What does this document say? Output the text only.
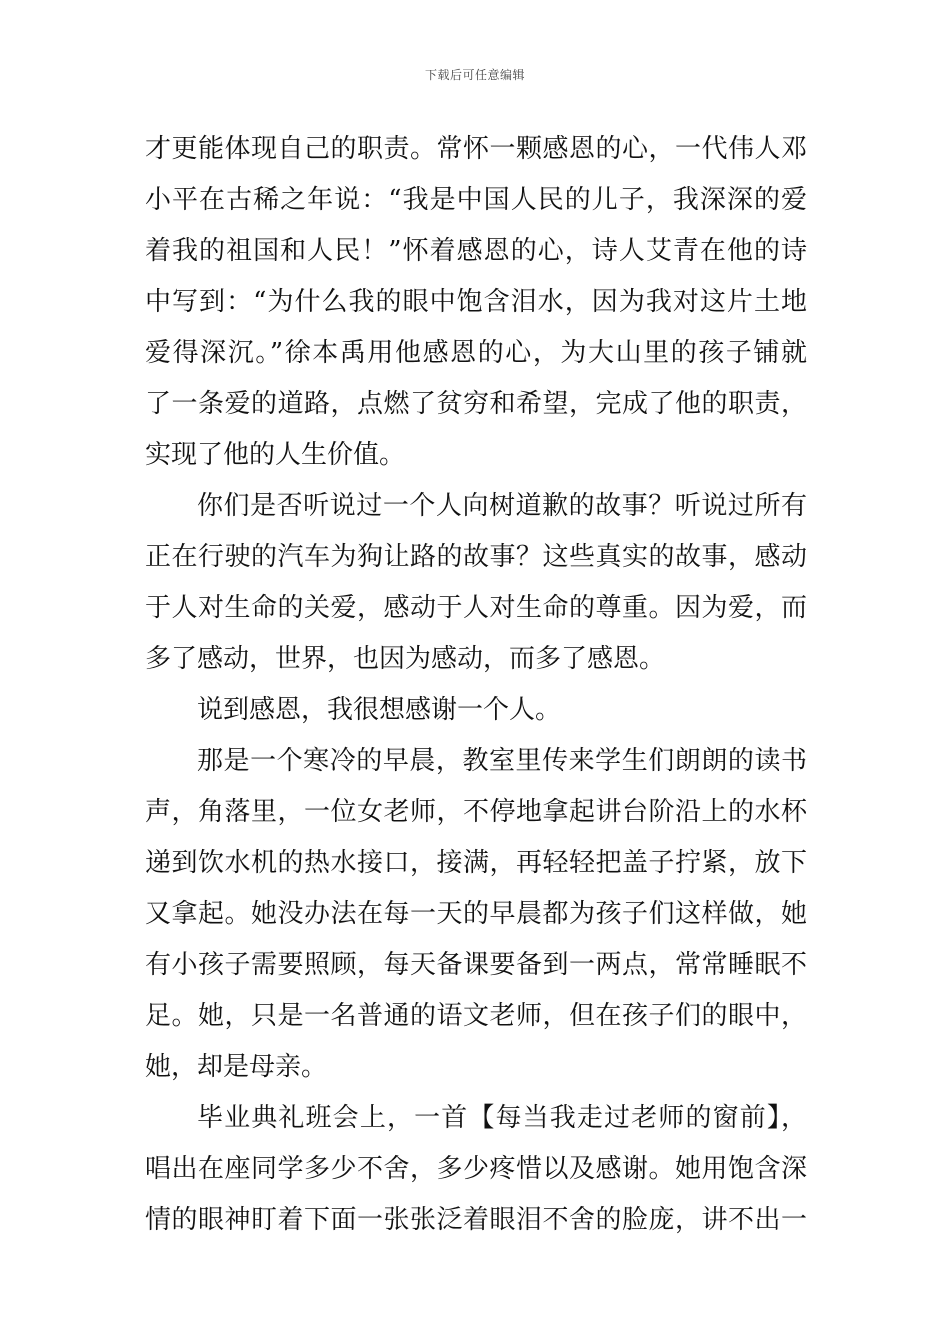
下载后可任意编辑
才更能体现自己的职责。常怀一颗感恩的心，一代伟人邓
小平在古稀之年说：“我是中国人民的儿子，我深深的爱
着我的祖国和人民！”怀着感恩的心，诗人艾青在他的诗
中写到：“为什么我的眼中饱含泪水，因为我对这片土地
爱得深沉。”徐本禹用他感恩的心，为大山里的孩子铺就
了一条爱的道路，点燃了贫穷和希望，完成了他的职责，
实现了他的人生价值。
你们是否听说过一个人向树道歉的故事？听说过所有
正在行驶的汽车为狗让路的故事？这些真实的故事，感动
于人对生命的关爱，感动于人对生命的尊重。因为爱，而
多了感动，世界，也因为感动，而多了感恩。
说到感恩，我很想感谢一个人。
那是一个寒冷的早晨，教室里传来学生们朗朗的读书
声，角落里，一位女老师，不停地拿起讲台阶沿上的水杯
递到饮水机的热水接口，接满，再轻轻把盖子拧紧，放下
又拿起。她没办法在每一天的早晨都为孩子们这样做，她
有小孩子需要照顾，每天备课要备到一两点，常常睡眠不
足。她，只是一名普通的语文老师，但在孩子们的眼中，
她，却是母亲。
毕业典礼班会上，一首【每当我走过老师的窗前】，
唱出在座同学多少不舍，多少疼惜以及感谢。她用饱含深
情的眼神盯着下面一张张泛着眼泪不舍的脸庞，讲不出一
